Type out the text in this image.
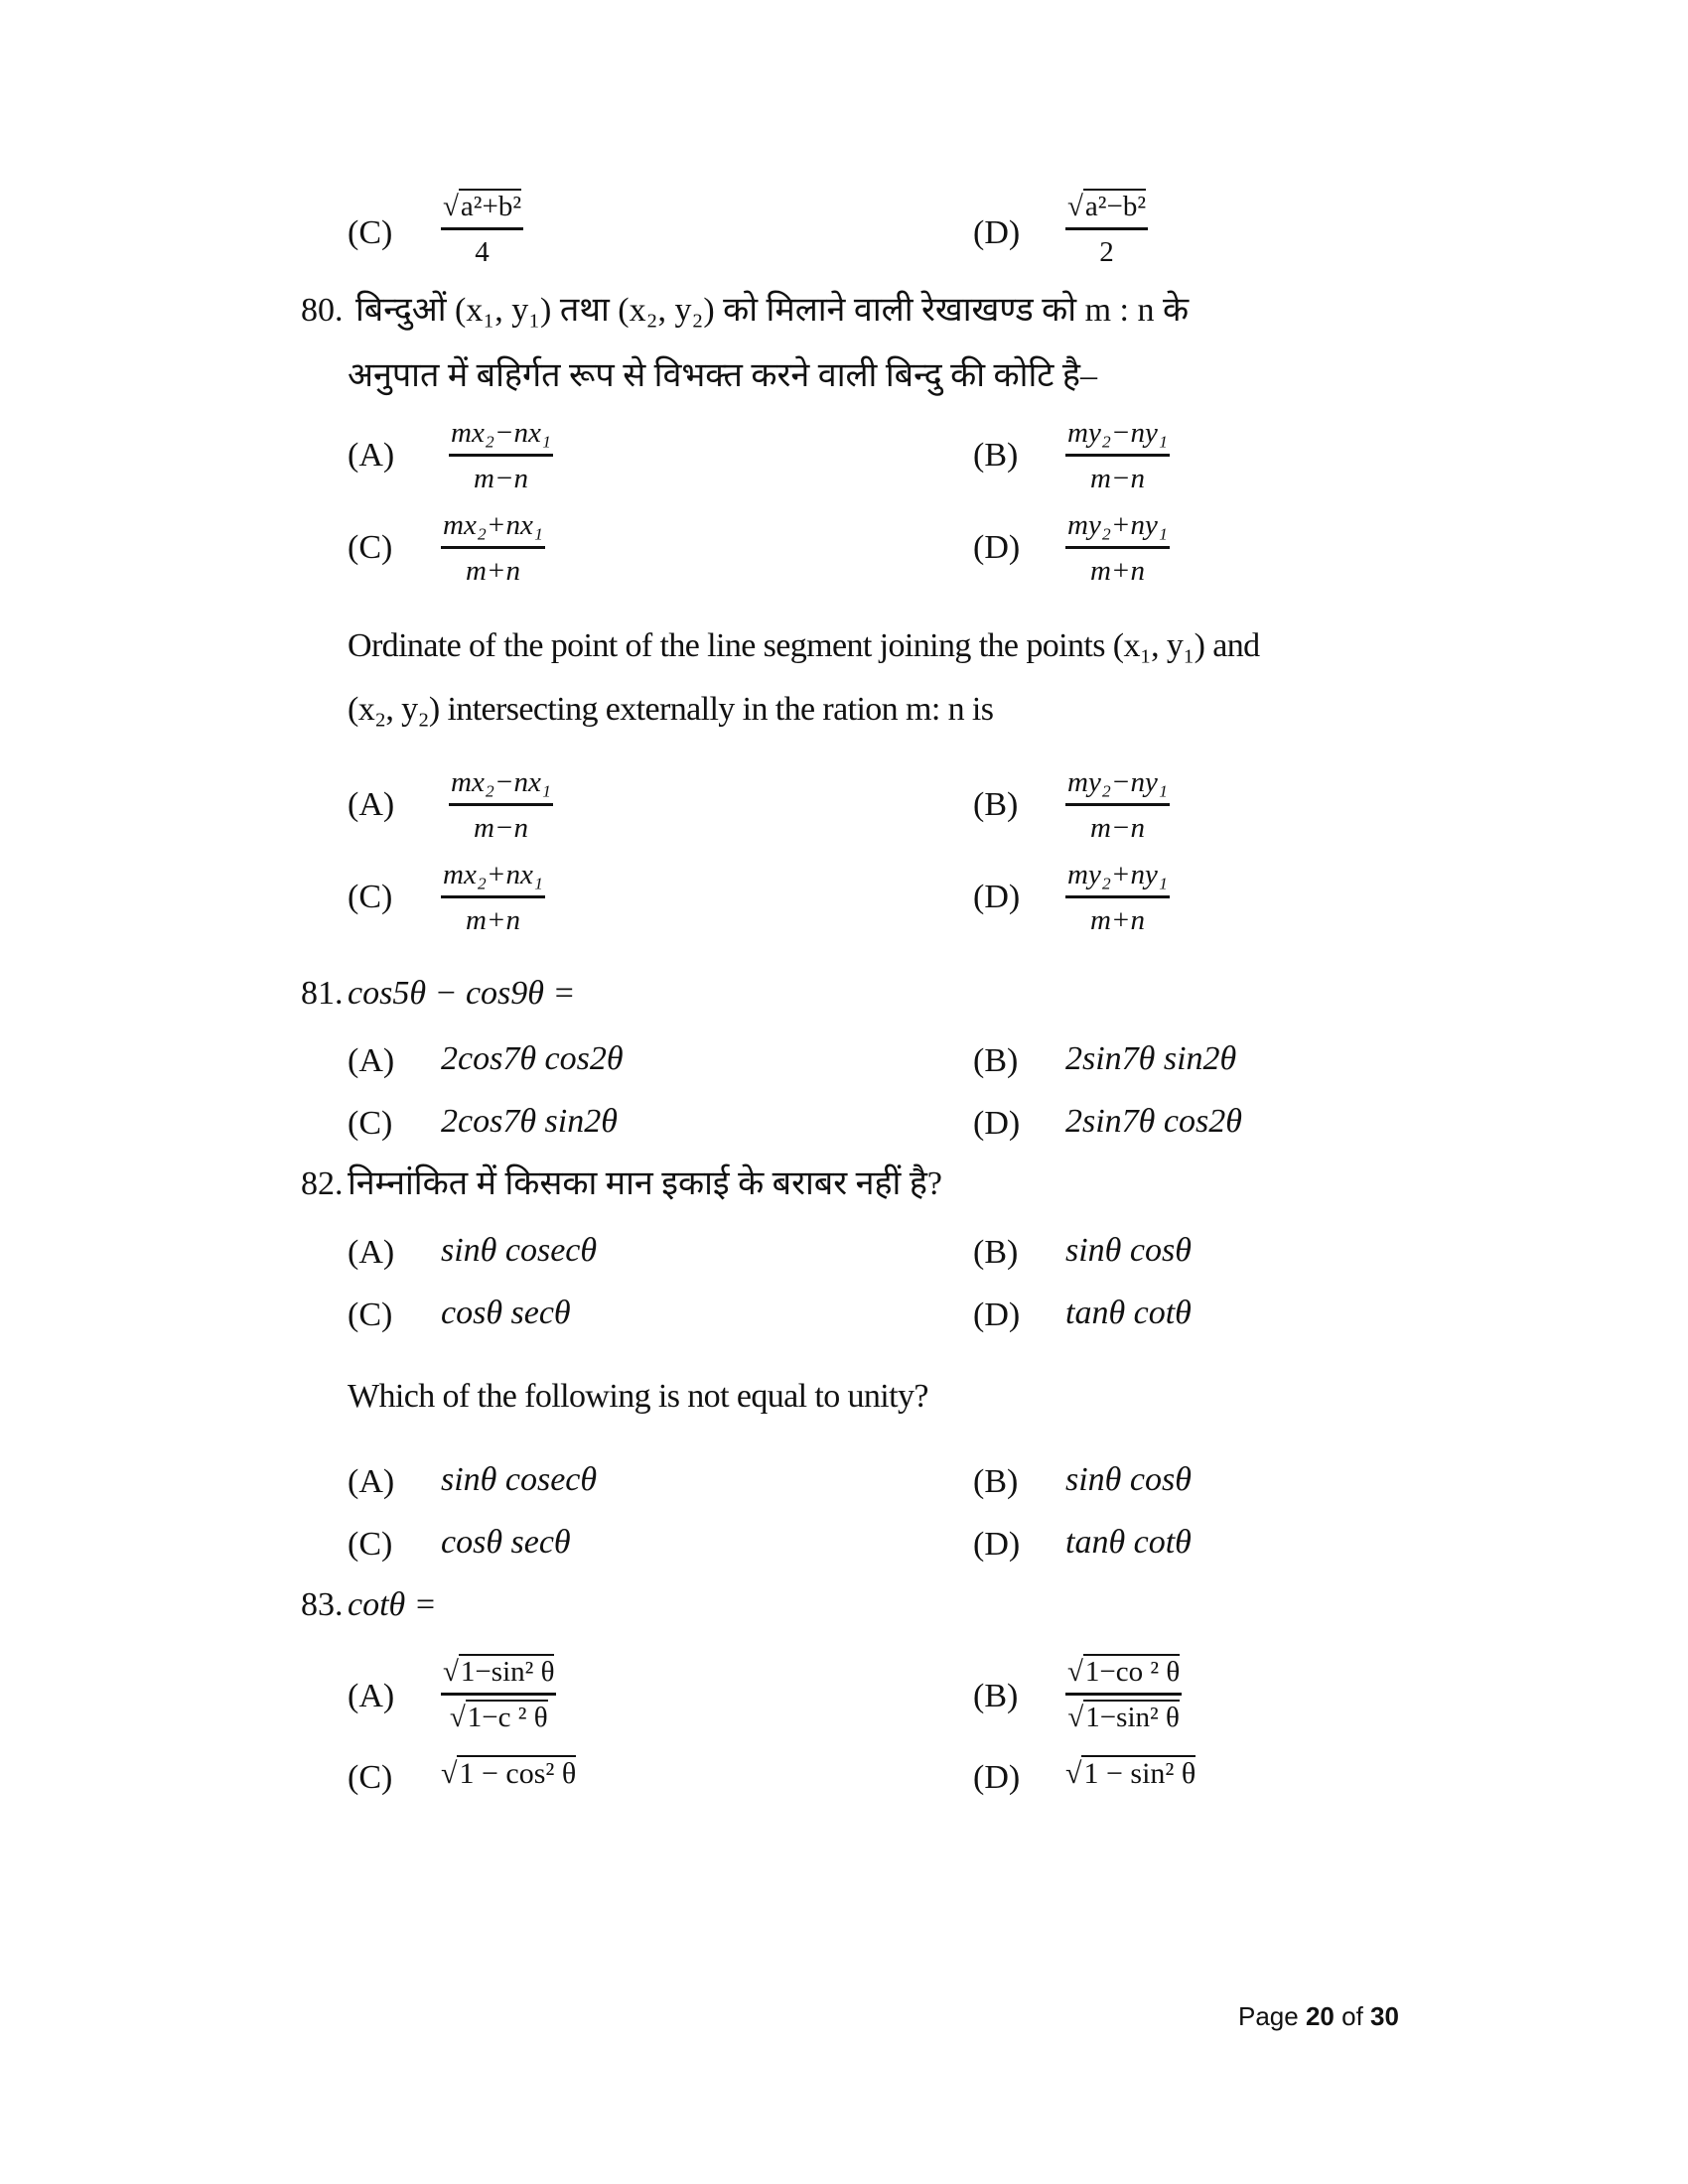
$(C) \frac{\text{√a²+b²}}{4}$	$(D) \frac{\text{√a²−b²}}{2}$
80. बिन्दुओं (x₁, y₁) तथा (x₂, y₂) को मिलाने वाली रेखाखण्ड को m : n के
अनुपात में बहिर्गत रूप से विभक्त करने वाली बिन्दु की कोटि है–
$(A) \frac{\text{mx₂−nx₁}}{m-n}$	$(B) \frac{\text{my₂−ny₁}}{m-n}$
$(C) \frac{\text{mx₂+nx₁}}{m+n}$	$(D) \frac{\text{my₂+ny₁}}{m+n}$
Ordinate of the point of the line segment joining the points (x₁, y₁) and
(x₂, y₂) intersecting externally in the ration m: n is
$(A) \frac{\text{mx₂−nx₁}}{m-n}$	$(B) \frac{\text{my₂−ny₁}}{m-n}$
$(C) \frac{\text{mx₂+nx₁}}{m+n}$	$(D) \frac{\text{my₂+ny₁}}{m+n}$
81. cos5θ − cos9θ =
(A) 2cos7θ cos2θ	(B) 2sin7θ sin2θ
(C) 2cos7θ sin2θ	(D) 2sin7θ cos2θ
82. निम्नांकित में किसका मान इकाई के बराबर नहीं है?
(A) sinθ cosecθ	(B) sinθ cosθ
(C) cosθ secθ	(D) tanθ cotθ
Which of the following is not equal to unity?
(A) sinθ cosecθ	(B) sinθ cosθ
(C) cosθ secθ	(D) tanθ cotθ
83. cotθ =
$(A) \frac{\text{√1−sin² θ}}{\text{√1−c ² θ}}$	$(B) \frac{\text{√1−co ² θ}}{\text{√1−sin² θ}}$
(C) √1 − cos² θ	(D) √1 − sin² θ
Page 20 of 30
